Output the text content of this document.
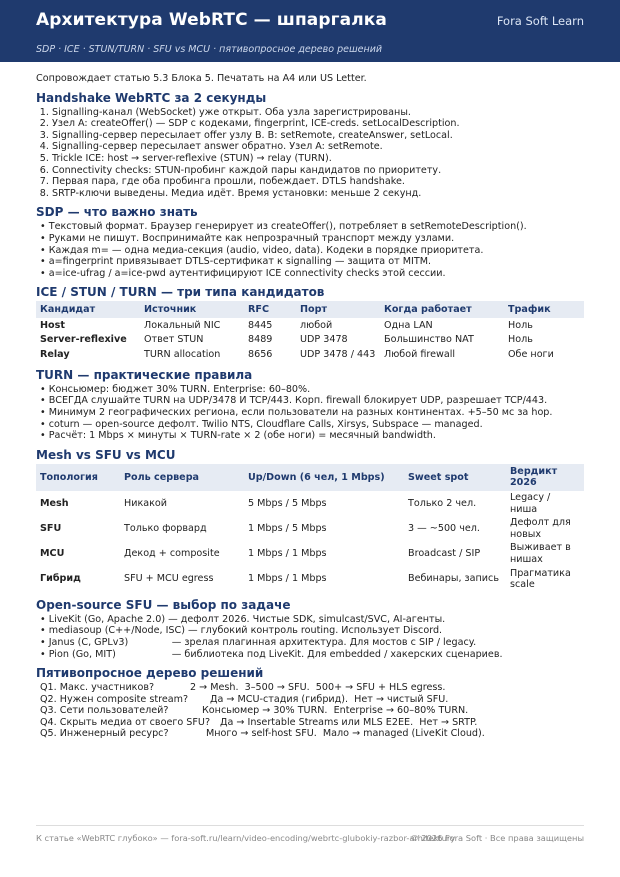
Архитектура WebRTC — шпаргалка	Fora Soft Learn
SDP · ICE · STUN/TURN · SFU vs MCU · пятивопросное дерево решений
Сопровождает статью 5.3 Блока 5. Печатать на A4 или US Letter.
Handshake WebRTC за 2 секунды
1. Signalling-канал (WebSocket) уже открыт. Оба узла зарегистрированы.
2. Узел A: createOffer() — SDP с кодеками, fingerprint, ICE-creds. setLocalDescription.
3. Signalling-сервер пересылает offer узлу B. B: setRemote, createAnswer, setLocal.
4. Signalling-сервер пересылает answer обратно. Узел A: setRemote.
5. Trickle ICE: host → server-reflexive (STUN) → relay (TURN).
6. Connectivity checks: STUN-пробинг каждой пары кандидатов по приоритету.
7. Первая пара, где оба пробинга прошли, побеждает. DTLS handshake.
8. SRTP-ключи выведены. Медиа идёт. Время установки: меньше 2 секунд.
SDP — что важно знать
• Текстовый формат. Браузер генерирует из createOffer(), потребляет в setRemoteDescription().
• Руками не пишут. Воспринимайте как непрозрачный транспорт между узлами.
• Каждая m= — одна медиа-секция (audio, video, data). Кодеки в порядке приоритета.
• a=fingerprint привязывает DTLS-сертификат к signalling — защита от MITM.
• a=ice-ufrag / a=ice-pwd аутентифицируют ICE connectivity checks этой сессии.
ICE / STUN / TURN — три типа кандидатов
Кандидат	Источник	RFC	Порт	Когда работает	Трафик
Host	Локальный NIC	8445	любой	Одна LAN	Ноль
Server-reflexive	Ответ STUN	8489	UDP 3478	Большинство NAT	Ноль
Relay	TURN allocation	8656	UDP 3478 / 443	Любой firewall	Обе ноги
TURN — практические правила
• Консьюмер: бюджет 30% TURN. Enterprise: 60–80%.
• ВСЕГДА слушайте TURN на UDP/3478 И TCP/443. Корп. firewall блокирует UDP, разрешает TCP/443.
• Минимум 2 географических региона, если пользователи на разных континентах. +5–50 мс за hop.
• coturn — open-source дефолт. Twilio NTS, Cloudflare Calls, Xirsys, Subspace — managed.
• Расчёт: 1 Mbps × минуты × TURN-rate × 2 (обе ноги) = месячный bandwidth.
Mesh vs SFU vs MCU
Топология	Роль сервера	Up/Down (6 чел, 1 Mbps)	Sweet spot	Вердикт 2026
Mesh	Никакой	5 Mbps / 5 Mbps	Только 2 чел.	Legacy / ниша
SFU	Только форвард	1 Mbps / 5 Mbps	3 — ~500 чел.	Дефолт для новых
MCU	Декод + composite	1 Mbps / 1 Mbps	Broadcast / SIP	Выживает в нишах
Гибрид	SFU + MCU egress	1 Mbps / 1 Mbps	Вебинары, запись	Прагматика scale
Open-source SFU — выбор по задаче
• LiveKit (Go, Apache 2.0) — дефолт 2026. Чистые SDK, simulcast/SVC, AI-агенты.
• mediasoup (C++/Node, ISC) — глубокий контроль routing. Использует Discord.
• Janus (C, GPLv3)	— зрелая плагинная архитектура. Для мостов с SIP / legacy.
• Pion (Go, MIT)	— библиотека под LiveKit. Для embedded / хакерских сценариев.
Пятивопросное дерево решений
Q1. Макс. участников?	2 → Mesh.  3–500 → SFU.  500+ → SFU + HLS egress.
Q2. Нужен composite stream? Да → MCU-стадия (гибрид).  Нет → чистый SFU.
Q3. Сети пользователей?	Консьюмер → 30% TURN.  Enterprise → 60–80% TURN.
Q4. Скрыть медиа от своего SFU? Да → Insertable Streams или MLS E2EE.  Нет → SRTP.
Q5. Инженерный ресурс?	Много → self-host SFU.  Мало → managed (LiveKit Cloud).
К статье «WebRTC глубоко» — fora-soft.ru/learn/video-encoding/webrtc-glubokiy-razbor-arhitektury
© 2026 Fora Soft · Все права защищены
